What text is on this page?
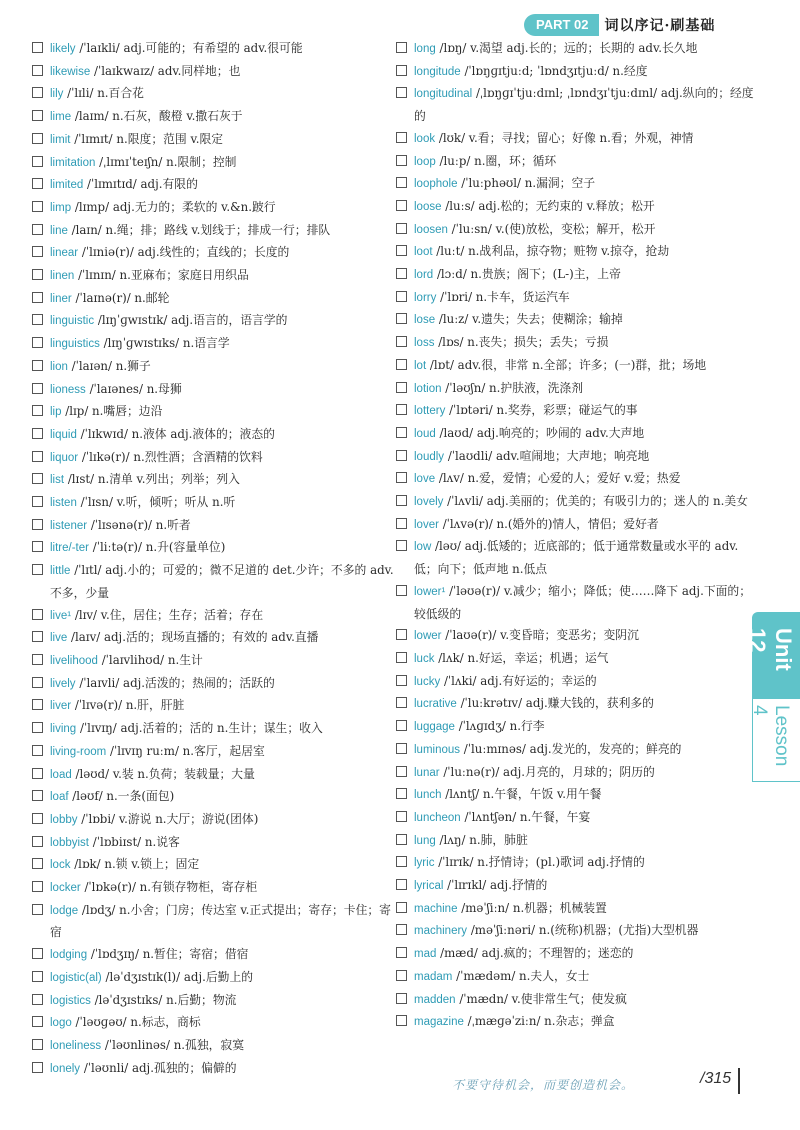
PART 02	词以序记·刷基础

likely /ˈlaɪkli/ adj.可能的；有希望的 adv.很可能

likewise /ˈlaɪkwaɪz/ adv.同样地；也

lily /ˈlɪli/ n.百合花

lime /laɪm/ n.石灰，酸橙 v.撒石灰于

limit /ˈlɪmɪt/ n.限度；范围 v.限定

limitation /ˌlɪmɪˈteɪʃn/ n.限制；控制

limited /ˈlɪmɪtɪd/ adj.有限的

limp /lɪmp/ adj.无力的；柔软的 v.&n.跛行

line /laɪn/ n.绳；排；路线 v.划线于；排成一行；排队

linear /ˈlɪniə(r)/ adj.线性的；直线的；长度的

linen /ˈlɪnɪn/ n.亚麻布；家庭日用织品

liner /ˈlaɪnə(r)/ n.邮轮

linguistic /lɪŋˈɡwɪstɪk/ adj.语言的，语言学的

linguistics /lɪŋˈɡwɪstɪks/ n.语言学

lion /ˈlaɪən/ n.狮子

lioness /ˈlaɪənes/ n.母狮

lip /lɪp/ n.嘴唇；边沿

liquid /ˈlɪkwɪd/ n.液体 adj.液体的；液态的

liquor /ˈlɪkə(r)/ n.烈性酒；含酒精的饮料

list /lɪst/ n.清单 v.列出；列举；列入

listen /ˈlɪsn/ v.听，倾听；听从 n.听

listener /ˈlɪsənə(r)/ n.听者

litre/-ter /ˈliːtə(r)/ n.升(容量单位)

little /ˈlɪtl/ adj.小的；可爱的；微不足道的 det.少许；不多的 adv.不多，少量

live¹ /lɪv/ v.住，居住；生存；活着；存在

live /laɪv/ adj.活的；现场直播的；有效的 adv.直播

livelihood /ˈlaɪvlihʊd/ n.生计

lively /ˈlaɪvli/ adj.活泼的；热闹的；活跃的

liver /ˈlɪvə(r)/ n.肝，肝脏

living /ˈlɪvɪŋ/ adj.活着的；活的 n.生计；谋生；收入

living-room /ˈlɪvɪŋ ruːm/ n.客厅，起居室

load /ləʊd/ v.装 n.负荷；装载量；大量

loaf /ləʊf/ n.一条(面包)

lobby /ˈlɒbi/ v.游说 n.大厅；游说(团体)

lobbyist /ˈlɒbiɪst/ n.说客

lock /lɒk/ n.锁 v.锁上；固定

locker /ˈlɒkə(r)/ n.有锁存物柜，寄存柜

lodge /lɒdʒ/ n.小舍；门房；传达室 v.正式提出；寄存；卡住；寄宿

lodging /ˈlɒdʒɪŋ/ n.暂住；寄宿；借宿

logistic(al) /ləˈdʒɪstɪk(l)/ adj.后勤上的

logistics /ləˈdʒɪstɪks/ n.后勤；物流

logo /ˈləʊɡəʊ/ n.标志，商标

loneliness /ˈləʊnlinəs/ n.孤独，寂寞

lonely /ˈləʊnli/ adj.孤独的；偏僻的

long /lɒŋ/ v.渴望 adj.长的；远的；长期的 adv.长久地

longitude /ˈlɒŋɡɪtjuːd; ˈlɒndʒɪtjuːd/ n.经度

longitudinal /ˌlɒŋɡɪˈtjuːdɪnl; ˌlɒndʒɪˈtjuːdɪnl/ adj.纵向的；经度的

look /lʊk/ v.看；寻找；留心；好像 n.看；外观，神情

loop /luːp/ n.圈，环；循环

loophole /ˈluːphəʊl/ n.漏洞；空子

loose /luːs/ adj.松的；无约束的 v.释放；松开

loosen /ˈluːsn/ v.(使)放松，变松；解开，松开

loot /luːt/ n.战利品，掠夺物；赃物 v.掠夺，抢劫

lord /lɔːd/ n.贵族；阁下；(L-)主，上帝

lorry /ˈlɒri/ n.卡车，货运汽车

lose /luːz/ v.遗失；失去；使糊涂；输掉

loss /lɒs/ n.丧失；损失；丢失；亏损

lot /lɒt/ adv.很，非常 n.全部；许多；(一)群，批；场地

lotion /ˈləʊʃn/ n.护肤液，洗涤剂

lottery /ˈlɒtəri/ n.奖券，彩票；碰运气的事

loud /laʊd/ adj.响亮的；吵闹的 adv.大声地

loudly /ˈlaʊdli/ adv.喧闹地；大声地；响亮地

love /lʌv/ n.爱，爱情；心爱的人；爱好 v.爱；热爱

lovely /ˈlʌvli/ adj.美丽的；优美的；有吸引力的；迷人的 n.美女

lover /ˈlʌvə(r)/ n.(婚外的)情人，情侣；爱好者

low /ləʊ/ adj.低矮的；近底部的；低于通常数量或水平的 adv.低；向下；低声地 n.低点

lower¹ /ˈləʊə(r)/ v.减少；缩小；降低；使……降下 adj.下面的；较低级的

lower /ˈlaʊə(r)/ v.变昏暗；变恶劣；变阴沉

luck /lʌk/ n.好运，幸运；机遇；运气

lucky /ˈlʌki/ adj.有好运的；幸运的

lucrative /ˈluːkrətɪv/ adj.赚大钱的，获利多的

luggage /ˈlʌɡɪdʒ/ n.行李

luminous /ˈluːmɪnəs/ adj.发光的，发亮的；鲜亮的

lunar /ˈluːnə(r)/ adj.月亮的，月球的；阴历的

lunch /lʌntʃ/ n.午餐，午饭 v.用午餐

luncheon /ˈlʌntʃən/ n.午餐，午宴

lung /lʌŋ/ n.肺，肺脏

lyric /ˈlɪrɪk/ n.抒情诗；(pl.)歌词 adj.抒情的

lyrical /ˈlɪrɪkl/ adj.抒情的

machine /məˈʃiːn/ n.机器；机械装置

machinery /məˈʃiːnəri/ n.(统称)机器；(尤指)大型机器

mad /mæd/ adj.疯的；不理智的；迷恋的

madam /ˈmædəm/ n.夫人，女士

madden /ˈmædn/ v.使非常生气；使发疯

magazine /ˌmæɡəˈziːn/ n.杂志；弹盒

Unit 12
Lesson 4
不要守待机会，而要创造机会。	/315
